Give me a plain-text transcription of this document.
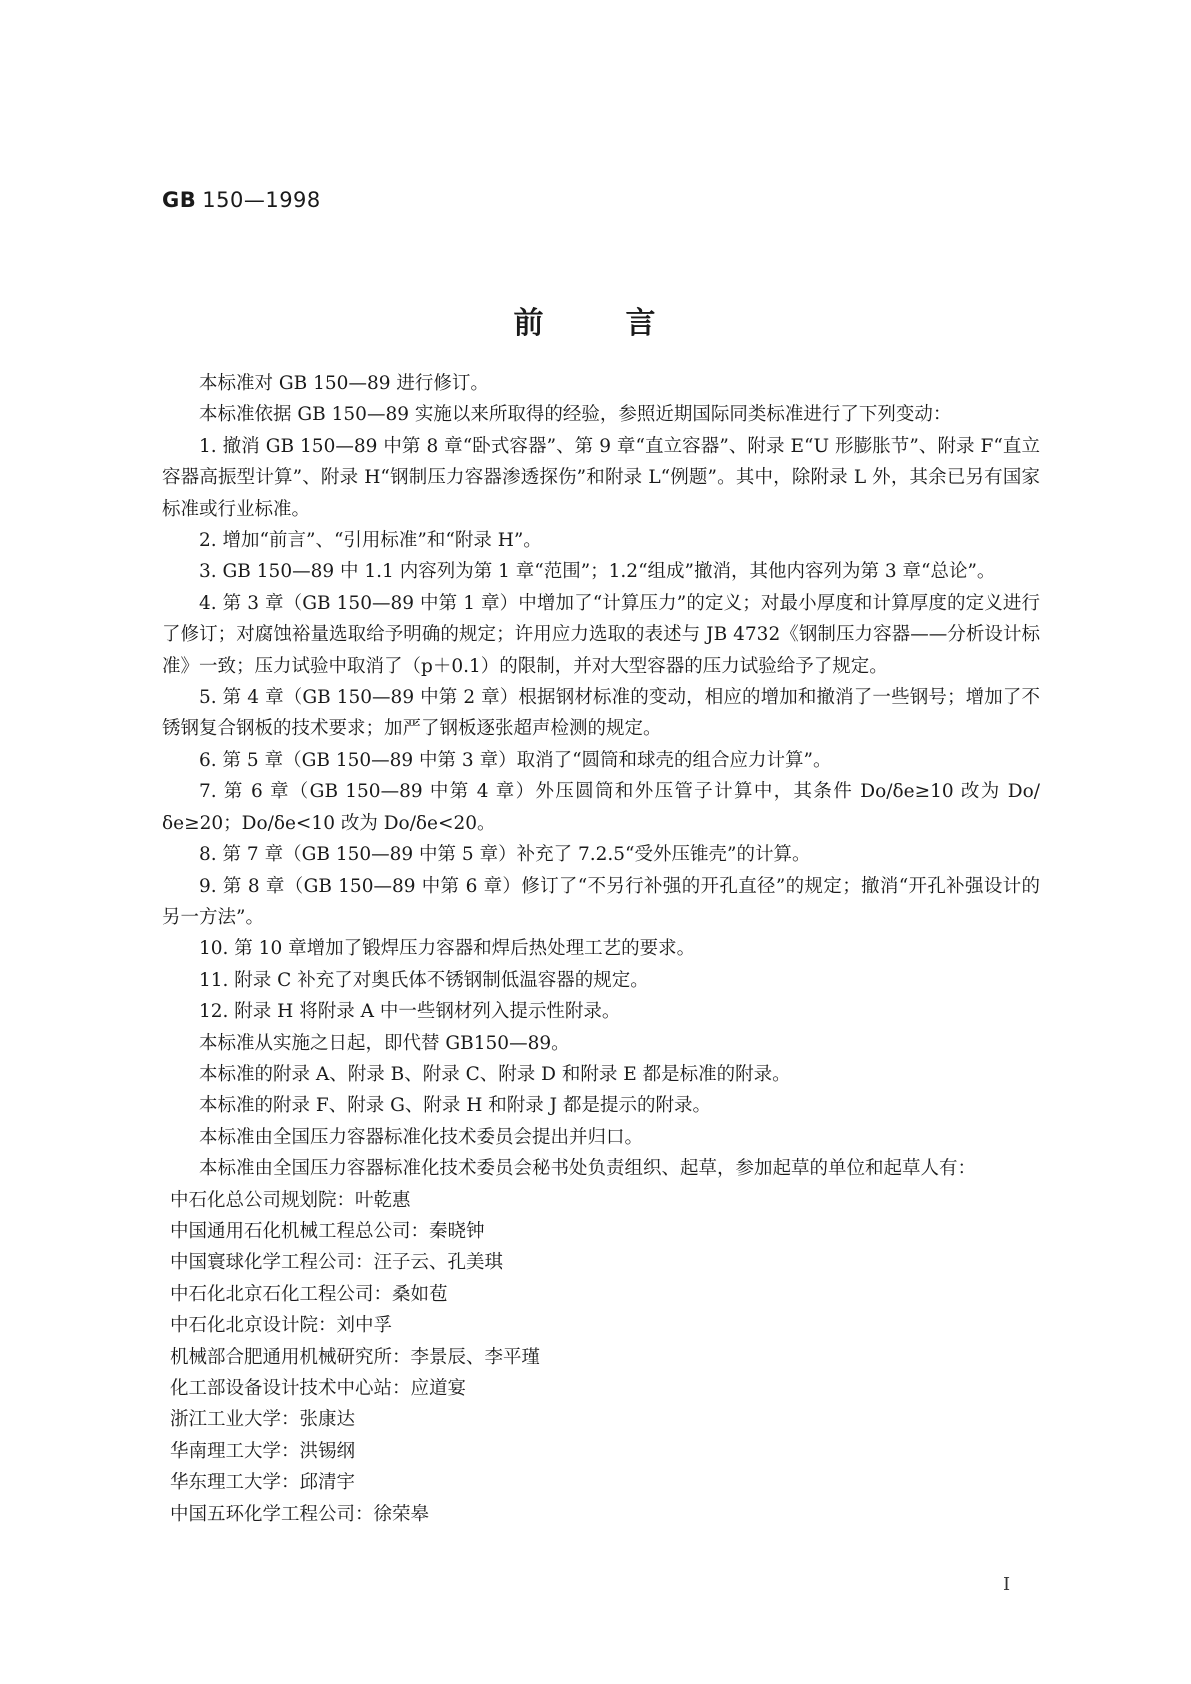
GB 150—1998
前言

本标准对 GB 150—89 进行修订。

本标准依据 GB 150—89 实施以来所取得的经验，参照近期国际同类标准进行了下列变动：

1. 撤消 GB 150—89 中第 8 章“卧式容器”、第 9 章“直立容器”、附录 E“U 形膨胀节”、附录 F“直立容器高振型计算”、附录 H“钢制压力容器渗透探伤”和附录 L“例题”。其中，除附录 L 外，其余已另有国家标准或行业标准。

2. 增加“前言”、“引用标准”和“附录 H”。

3. GB 150—89 中 1.1 内容列为第 1 章“范围”；1.2“组成”撤消，其他内容列为第 3 章“总论”。

4. 第 3 章（GB 150—89 中第 1 章）中增加了“计算压力”的定义；对最小厚度和计算厚度的定义进行了修订；对腐蚀裕量选取给予明确的规定；许用应力选取的表述与 JB 4732《钢制压力容器——分析设计标准》一致；压力试验中取消了（p＋0.1）的限制，并对大型容器的压力试验给予了规定。

5. 第 4 章（GB 150—89 中第 2 章）根据钢材标准的变动，相应的增加和撤消了一些钢号；增加了不锈钢复合钢板的技术要求；加严了钢板逐张超声检测的规定。

6. 第 5 章（GB 150—89 中第 3 章）取消了“圆筒和球壳的组合应力计算”。

7. 第 6 章（GB 150—89 中第 4 章）外压圆筒和外压管子计算中，其条件 Do/δe≥10 改为 Do/δe≥20；Do/δe<10 改为 Do/δe<20。

8. 第 7 章（GB 150—89 中第 5 章）补充了 7.2.5“受外压锥壳”的计算。

9. 第 8 章（GB 150—89 中第 6 章）修订了“不另行补强的开孔直径”的规定；撤消“开孔补强设计的另一方法”。

10. 第 10 章增加了锻焊压力容器和焊后热处理工艺的要求。

11. 附录 C 补充了对奥氏体不锈钢制低温容器的规定。

12. 附录 H 将附录 A 中一些钢材列入提示性附录。

本标准从实施之日起，即代替 GB150—89。

本标准的附录 A、附录 B、附录 C、附录 D 和附录 E 都是标准的附录。

本标准的附录 F、附录 G、附录 H 和附录 J 都是提示的附录。

本标准由全国压力容器标准化技术委员会提出并归口。

本标准由全国压力容器标准化技术委员会秘书处负责组织、起草，参加起草的单位和起草人有：

中石化总公司规划院：叶乾惠

中国通用石化机械工程总公司：秦晓钟

中国寰球化学工程公司：汪子云、孔美琪

中石化北京石化工程公司：桑如苞

中石化北京设计院：刘中孚

机械部合肥通用机械研究所：李景辰、李平瑾

化工部设备设计技术中心站：应道宴

浙江工业大学：张康达

华南理工大学：洪锡纲

华东理工大学：邱清宇

中国五环化学工程公司：徐荣皋

I
